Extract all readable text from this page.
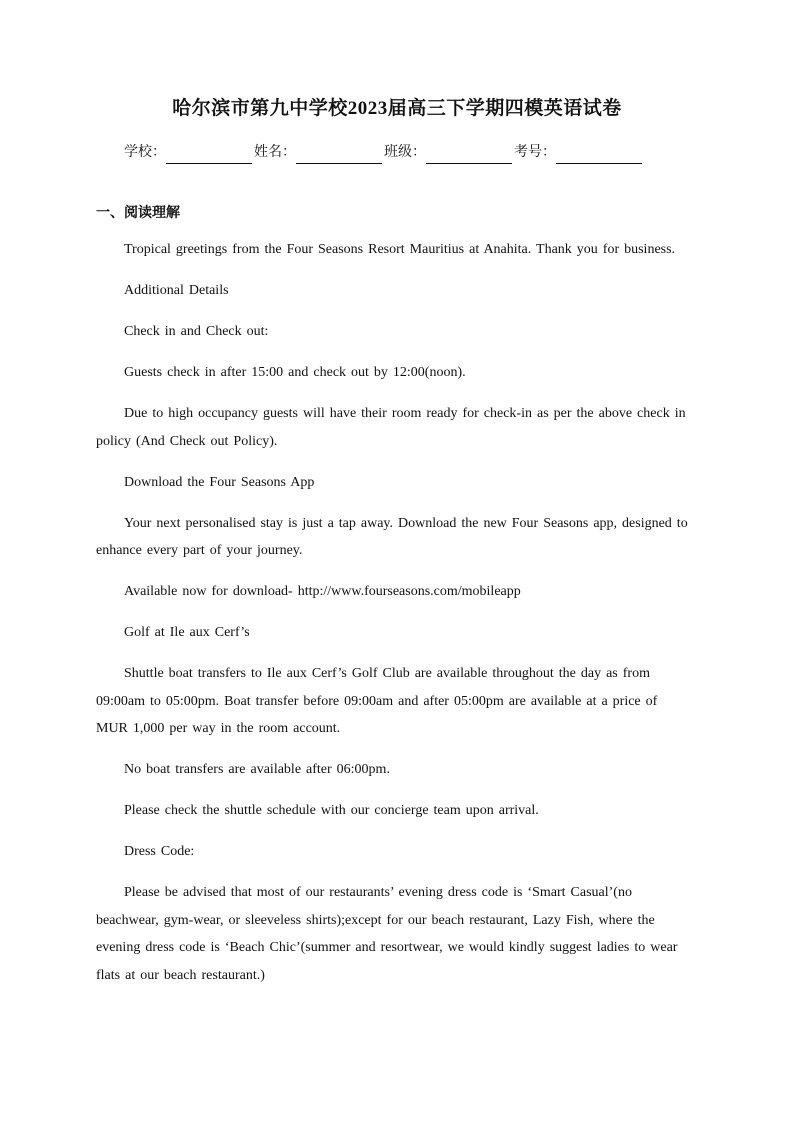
哈尔滨市第九中学校2023届高三下学期四模英语试卷
学校：	姓名：	班级：	考号：
一、阅读理解

Tropical greetings from the Four Seasons Resort Mauritius at Anahita. Thank you for business.

Additional Details

Check in and Check out:

Guests check in after 15:00 and check out by 12:00(noon).

Due to high occupancy guests will have their room ready for check-in as per the above check in policy (And Check out Policy).

Download the Four Seasons App

Your next personalised stay is just a tap away. Download the new Four Seasons app, designed to enhance every part of your journey.

Available now for download- http://www.fourseasons.com/mobileapp

Golf at Ile aux Cerf’s

Shuttle boat transfers to Ile aux Cerf’s Golf Club are available throughout the day as from 09:00am to 05:00pm. Boat transfer before 09:00am and after 05:00pm are available at a price of MUR 1,000 per way in the room account.

No boat transfers are available after 06:00pm.

Please check the shuttle schedule with our concierge team upon arrival.

Dress Code:

Please be advised that most of our restaurants’ evening dress code is ‘Smart Casual’(no beachwear, gym-wear, or sleeveless shirts);except for our beach restaurant, Lazy Fish, where the evening dress code is ‘Beach Chic’(summer and resortwear, we would kindly suggest ladies to wear flats at our beach restaurant.)
